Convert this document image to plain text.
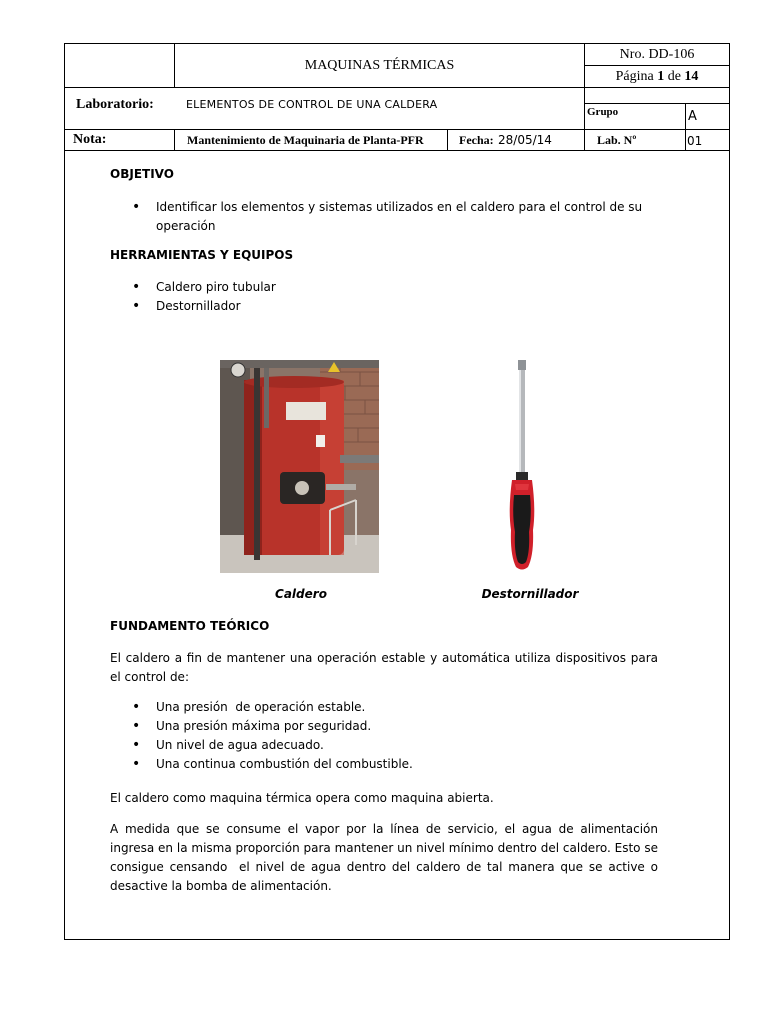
MAQUINAS TÉRMICAS
Nro. DD-106
Página
1
de
14
Laboratorio:	ELEMENTOS DE CONTROL DE UNA CALDERA
Grupo	A
Nota:	Mantenimiento de Maquinaria de Planta-PFR	Fecha: 28/05/14	Lab. Nº	01
OBJETIVO
• Identificar los elementos y sistemas utilizados en el caldero para el control de su operación
HERRAMIENTAS Y EQUIPOS
• Caldero piro tubular
• Destornillador
Caldero	Destornillador
FUNDAMENTO TEÓRICO
El caldero a fin de mantener una operación estable y automática utiliza dispositivos para el control de:
• Una presión  de operación estable.
• Una presión máxima por seguridad.
• Un nivel de agua adecuado.
• Una continua combustión del combustible.
El caldero como maquina térmica opera como maquina abierta.
A medida que se consume el vapor por la línea de servicio, el agua de alimentación ingresa en la misma proporción para mantener un nivel mínimo dentro del caldero. Esto se consigue censando  el nivel de agua dentro del caldero de tal manera que se active o desactive la bomba de alimentación.
